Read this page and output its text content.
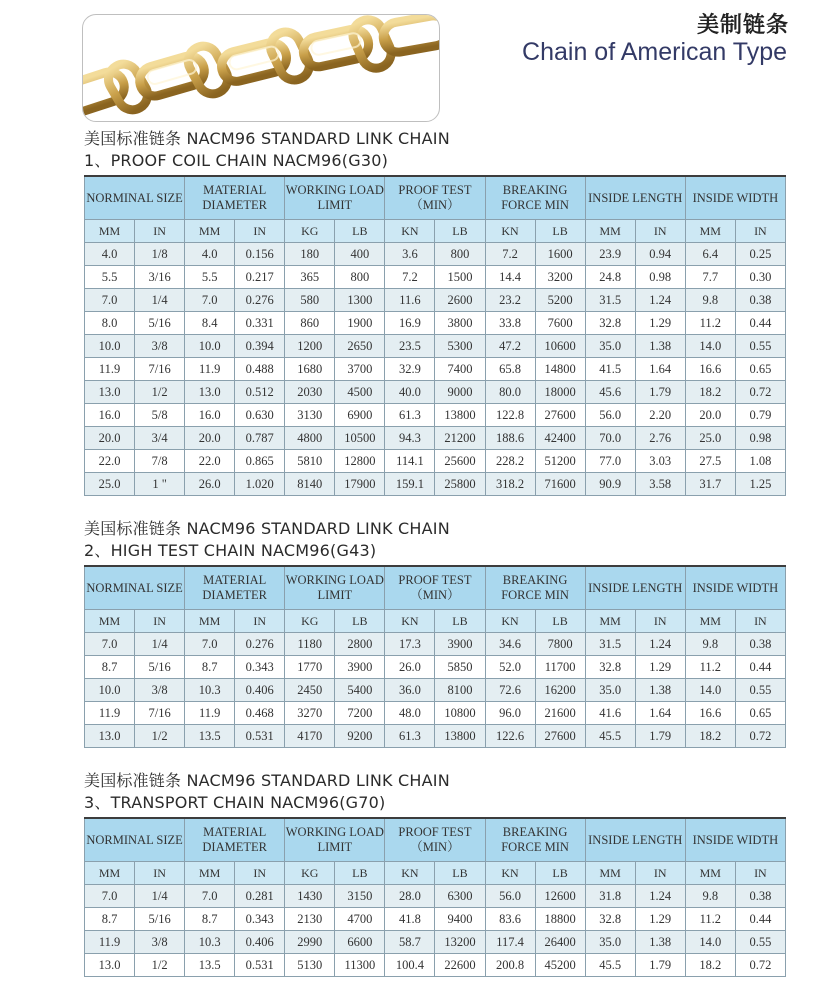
美制链条
Chain of American Type
美国标准链条 NACM96 STANDARD LINK CHAIN
1、PROOF COIL CHAIN NACM96(G30)
NORMINAL SIZE		MATERIAL DIAMETER		WORKING LOAD LIMIT		PROOF TEST （MIN）		BREAKING FORCE MIN		INSIDE LENGTH		INSIDE WIDTH	
MM	IN	MM	IN	KG	LB	KN	LB	KN	LB	MM	IN	MM	IN
4.0	1/8	4.0	0.156	180	400	3.6	800	7.2	1600	23.9	0.94	6.4	0.25
5.5	3/16	5.5	0.217	365	800	7.2	1500	14.4	3200	24.8	0.98	7.7	0.30
7.0	1/4	7.0	0.276	580	1300	11.6	2600	23.2	5200	31.5	1.24	9.8	0.38
8.0	5/16	8.4	0.331	860	1900	16.9	3800	33.8	7600	32.8	1.29	11.2	0.44
10.0	3/8	10.0	0.394	1200	2650	23.5	5300	47.2	10600	35.0	1.38	14.0	0.55
11.9	7/16	11.9	0.488	1680	3700	32.9	7400	65.8	14800	41.5	1.64	16.6	0.65
13.0	1/2	13.0	0.512	2030	4500	40.0	9000	80.0	18000	45.6	1.79	18.2	0.72
16.0	5/8	16.0	0.630	3130	6900	61.3	13800	122.8	27600	56.0	2.20	20.0	0.79
20.0	3/4	20.0	0.787	4800	10500	94.3	21200	188.6	42400	70.0	2.76	25.0	0.98
22.0	7/8	22.0	0.865	5810	12800	114.1	25600	228.2	51200	77.0	3.03	27.5	1.08
25.0	1 "	26.0	1.020	8140	17900	159.1	25800	318.2	71600	90.9	3.58	31.7	1.25
美国标准链条 NACM96 STANDARD LINK CHAIN
2、HIGH TEST CHAIN NACM96(G43)
NORMINAL SIZE		MATERIAL DIAMETER		WORKING LOAD LIMIT		PROOF TEST （MIN）		BREAKING FORCE MIN		INSIDE LENGTH		INSIDE WIDTH	
MM	IN	MM	IN	KG	LB	KN	LB	KN	LB	MM	IN	MM	IN
7.0	1/4	7.0	0.276	1180	2800	17.3	3900	34.6	7800	31.5	1.24	9.8	0.38
8.7	5/16	8.7	0.343	1770	3900	26.0	5850	52.0	11700	32.8	1.29	11.2	0.44
10.0	3/8	10.3	0.406	2450	5400	36.0	8100	72.6	16200	35.0	1.38	14.0	0.55
11.9	7/16	11.9	0.468	3270	7200	48.0	10800	96.0	21600	41.6	1.64	16.6	0.65
13.0	1/2	13.5	0.531	4170	9200	61.3	13800	122.6	27600	45.5	1.79	18.2	0.72
美国标准链条 NACM96 STANDARD LINK CHAIN
3、TRANSPORT CHAIN NACM96(G70)
NORMINAL SIZE		MATERIAL DIAMETER		WORKING LOAD LIMIT		PROOF TEST （MIN）		BREAKING FORCE MIN		INSIDE LENGTH		INSIDE WIDTH	
MM	IN	MM	IN	KG	LB	KN	LB	KN	LB	MM	IN	MM	IN
7.0	1/4	7.0	0.281	1430	3150	28.0	6300	56.0	12600	31.8	1.24	9.8	0.38
8.7	5/16	8.7	0.343	2130	4700	41.8	9400	83.6	18800	32.8	1.29	11.2	0.44
11.9	3/8	10.3	0.406	2990	6600	58.7	13200	117.4	26400	35.0	1.38	14.0	0.55
13.0	1/2	13.5	0.531	5130	11300	100.4	22600	200.8	45200	45.5	1.79	18.2	0.72
